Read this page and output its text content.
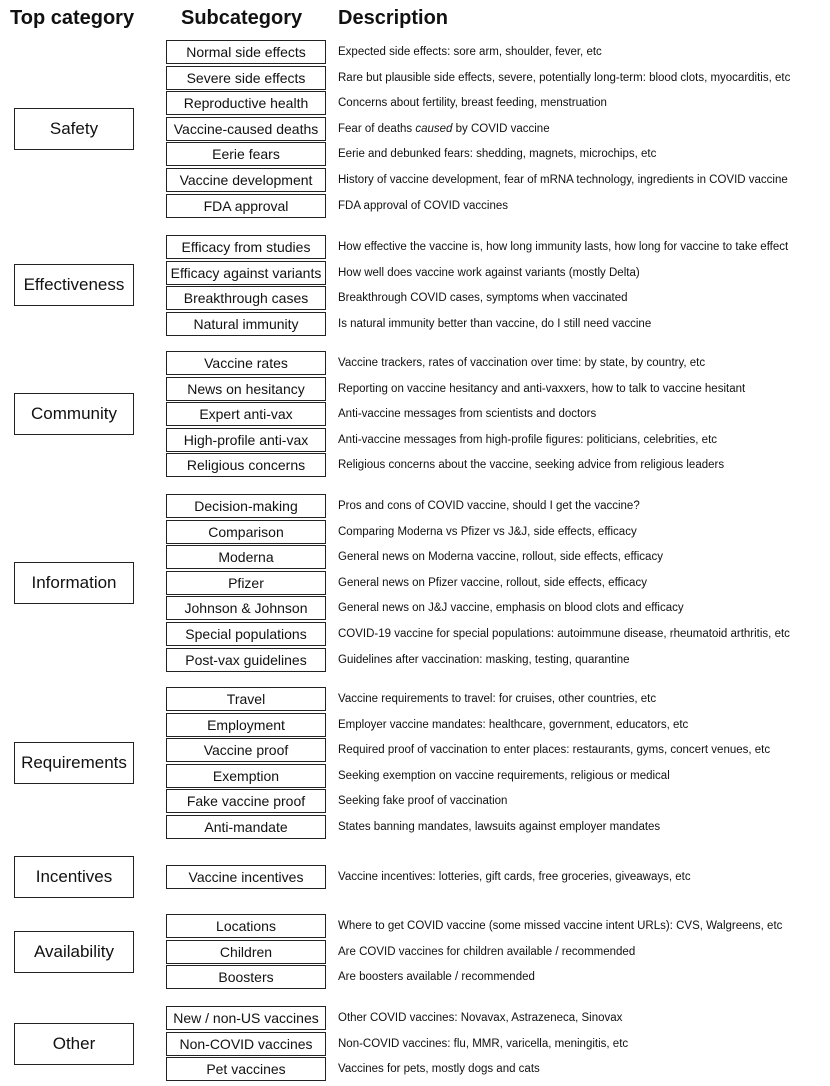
Top category Subcategory Description
Safety
Normal side effects	Expected side effects: sore arm, shoulder, fever, etc
Severe side effects	Rare but plausible side effects, severe, potentially long-term: blood clots, myocarditis, etc
Reproductive health	Concerns about fertility, breast feeding, menstruation
Vaccine-caused deaths	Fear of deaths caused by COVID vaccine
Eerie fears	Eerie and debunked fears: shedding, magnets, microchips, etc
Vaccine development	History of vaccine development, fear of mRNA technology, ingredients in COVID vaccine
FDA approval	FDA approval of COVID vaccines
Effectiveness
Efficacy from studies	How effective the vaccine is, how long immunity lasts, how long for vaccine to take effect
Efficacy against variants	How well does vaccine work against variants (mostly Delta)
Breakthrough cases	Breakthrough COVID cases, symptoms when vaccinated
Natural immunity	Is natural immunity better than vaccine, do I still need vaccine
Community
Vaccine rates	Vaccine trackers, rates of vaccination over time: by state, by country, etc
News on hesitancy	Reporting on vaccine hesitancy and anti-vaxxers, how to talk to vaccine hesitant
Expert anti-vax	Anti-vaccine messages from scientists and doctors
High-profile anti-vax	Anti-vaccine messages from high-profile figures: politicians, celebrities, etc
Religious concerns	Religious concerns about the vaccine, seeking advice from religious leaders
Information
Decision-making	Pros and cons of COVID vaccine, should I get the vaccine?
Comparison	Comparing Moderna vs Pfizer vs J&J, side effects, efficacy
Moderna	General news on Moderna vaccine, rollout, side effects, efficacy
Pfizer	General news on Pfizer vaccine, rollout, side effects, efficacy
Johnson & Johnson	General news on J&J vaccine, emphasis on blood clots and efficacy
Special populations	COVID-19 vaccine for special populations: autoimmune disease, rheumatoid arthritis, etc
Post-vax guidelines	Guidelines after vaccination: masking, testing, quarantine
Requirements
Travel	Vaccine requirements to travel: for cruises, other countries, etc
Employment	Employer vaccine mandates: healthcare, government, educators, etc
Vaccine proof	Required proof of vaccination to enter places: restaurants, gyms, concert venues, etc
Exemption	Seeking exemption on vaccine requirements, religious or medical
Fake vaccine proof	Seeking fake proof of vaccination
Anti-mandate	States banning mandates, lawsuits against employer mandates
Incentives	Vaccine incentives	Vaccine incentives: lotteries, gift cards, free groceries, giveaways, etc
Availability
Locations	Where to get COVID vaccine (some missed vaccine intent URLs): CVS, Walgreens, etc
Children	Are COVID vaccines for children available / recommended
Boosters	Are boosters available / recommended
Other
New / non-US vaccines	Other COVID vaccines: Novavax, Astrazeneca, Sinovax
Non-COVID vaccines	Non-COVID vaccines: flu, MMR, varicella, meningitis, etc
Pet vaccines	Vaccines for pets, mostly dogs and cats
